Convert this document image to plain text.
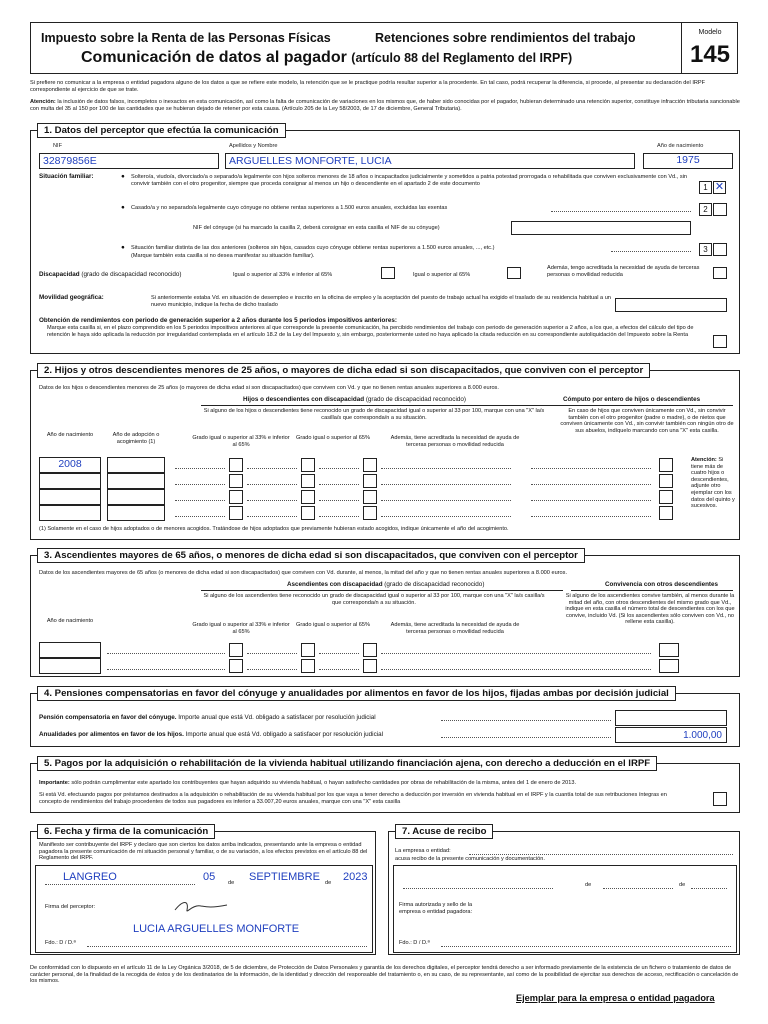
Impuesto sobre la Renta de las Personas Físicas	Retenciones sobre rendimientos del trabajo
Comunicación de datos al pagador (artículo 88 del Reglamento del IRPF)
Modelo
145
Si prefiere no comunicar a la empresa o entidad pagadora alguno de los datos a que se refiere este modelo, la retención que se le practique podría resultar superior a la procedente. En tal caso, podrá recuperar la diferencia, si procede, al presentar su declaración del IRPF correspondiente al ejercicio de que se trate.
Atención: la inclusión de datos falsos, incompletos o inexactos en esta comunicación, así como la falta de comunicación de variaciones en los mismos que, de haber sido conocidas por el pagador, hubieran determinado una retención superior, constituye infracción tributaria sancionable con multa del 35 al 150 por 100 de las cantidades que se hubieran dejado de retener por esta causa. (Artículo 205 de la Ley 58/2003, de 17 de diciembre, General Tributaria).
1. Datos del perceptor que efectúa la comunicación
NIF
32879856E
Apellidos y Nombre
ARGUELLES MONFORTE, LUCIA
Año de nacimiento
1975
Situación familiar:	● Soltero/a, viudo/a, divorciado/a o separado/a legalmente con hijos solteros menores de 18 años o incapacitados judicialmente y sometidos a patria potestad prorrogada o rehabilitada que conviven exclusivamente con Vd., sin convivir también con el otro progenitor, siempre que proceda consignar al menos un hijo o descendiente en el apartado 2 de este documento	1 ✕
● Casado/a y no separado/a legalmente cuyo cónyuge no obtiene rentas superiores a 1.500 euros anuales, excluidas las exentas	2
NIF del cónyuge (si ha marcado la casilla 2, deberá consignar en esta casilla el NIF de su cónyuge)
● Situación familiar distinta de las dos anteriores (solteros sin hijos, casados cuyo cónyuge obtiene rentas superiores a 1.500 euros anuales, ..., etc.)
(Marque también esta casilla si no desea manifestar su situación familiar).
3
Discapacidad (grado de discapacidad reconocido)	Igual o superior al 33% e inferior al 65%	Igual o superior al 65%
Además, tengo acreditada la necesidad de ayuda de terceras personas o movilidad reducida
Movilidad geográfica:	Si anteriormente estaba Vd. en situación de desempleo e inscrito en la oficina de empleo y la aceptación del puesto de trabajo actual ha exigido el traslado de su residencia habitual a un nuevo municipio, indique la fecha de dicho traslado
Obtención de rendimientos con periodo de generación superior a 2 años durante los 5 periodos impositivos anteriores:
Marque esta casilla si, en el plazo comprendido en los 5 periodos impositivos anteriores al que corresponde la presente comunicación, ha percibido rendimientos del trabajo con periodo de generación superior a 2 años, a los que, a efectos del cálculo del tipo de retención le haya sido aplicada la reducción por irregularidad contemplada en el artículo 18.2 de la Ley del Impuesto y, sin embargo, posteriormente usted no haya aplicado la citada reducción en su correspondiente autoliquidación del Impuesto sobre la Renta
2. Hijos y otros descendientes menores de 25 años, o mayores de dicha edad si son discapacitados, que conviven con el perceptor
Datos de los hijos o descendientes menores de 25 años (o mayores de dicha edad si son discapacitados) que conviven con Vd. y que no tienen rentas anuales superiores a 8.000 euros.
Hijos o descendientes con discapacidad (grado de discapacidad reconocido)	Cómputo por entero de hijos o descendientes
Si alguno de los hijos o descendientes tiene reconocido un grado de discapacidad igual o superior al 33 por 100, marque con una "X" la/s casilla/s que corresponda/n a su situación.
En caso de hijos que conviven únicamente con Vd., sin convivir también con el otro progenitor (padre o madre), o de nietos que conviven únicamente con Vd., sin convivir también con ningún otro de sus abuelos, indíquelo marcando con una "X" esta casilla.
Año de nacimiento	Año de adopción o acogimiento (1)
Grado igual o superior al 33% e inferior al 65%
Grado igual o superior al 65%	Además, tiene acreditada la necesidad de ayuda de terceras personas o movilidad reducida
2008	Atención: Si tiene más de cuatro hijos o descendientes, adjunte otro ejemplar con los datos del quinto y sucesivos.
(1) Solamente en el caso de hijos adoptados o de menores acogidos. Tratándose de hijos adoptados que previamente hubieran estado acogidos, indique únicamente el año del acogimiento.
3. Ascendientes mayores de 65 años, o menores de dicha edad si son discapacitados, que conviven con el perceptor
Datos de los ascendientes mayores de 65 años (o menores de dicha edad si son discapacitados) que conviven con Vd. durante, al menos, la mitad del año y que no tienen rentas anuales superiores a 8.000 euros.
Ascendientes con discapacidad (grado de discapacidad reconocido)	Convivencia con otros descendientes
Si alguno de los ascendientes tiene reconocido un grado de discapacidad igual o superior al 33 por 100, marque con una "X" la/s casilla/s que corresponda/n a su situación.
Si alguno de los ascendientes convive también, al menos durante la mitad del año, con otros descendientes del mismo grado que Vd., indique en esta casilla el número total de descendientes con los que convive, incluido Vd. (Si los ascendientes sólo conviven con Vd., no rellene esta casilla).
Año de nacimiento
Grado igual o superior al 33% e inferior al 65%
Grado igual o superior al 65%	Además, tiene acreditada la necesidad de ayuda de terceras personas o movilidad reducida
4. Pensiones compensatorias en favor del cónyuge y anualidades por alimentos en favor de los hijos, fijadas ambas por decisión judicial
Pensión compensatoria en favor del cónyuge. Importe anual que está Vd. obligado a satisfacer por resolución judicial
Anualidades por alimentos en favor de los hijos. Importe anual que está Vd. obligado a satisfacer por resolución judicial	1.000,00
5. Pagos por la adquisición o rehabilitación de la vivienda habitual utilizando financiación ajena, con derecho a deducción en el IRPF
Importante: sólo podrán cumplimentar este apartado los contribuyentes que hayan adquirido su vivienda habitual, o hayan satisfecho cantidades por obras de rehabilitación de la misma, antes del 1 de enero de 2013.
Si está Vd. efectuando pagos por préstamos destinados a la adquisición o rehabilitación de su vivienda habitual por los que vaya a tener derecho a deducción por inversión en vivienda habitual en el IRPF y la cuantía total de sus retribuciones íntegras en concepto de rendimientos del trabajo procedentes de todos sus pagadores es inferior a 33.007,20 euros anuales, marque con una "X" esta casilla
6. Fecha y firma de la comunicación
Manifiesto ser contribuyente del IRPF y declaro que son ciertos los datos arriba indicados, presentando ante la empresa o entidad pagadora la presente comunicación de mi situación personal y familiar, o de su variación, a los efectos previstos en el artículo 88 del Reglamento del IRPF.
LANGREO	05 de SEPTIEMBRE de 2023
Firma del perceptor:
LUCIA ARGUELLES MONFORTE
Fdo.: D / D.ª
7. Acuse de recibo
La empresa o entidad:
acusa recibo de la presente comunicación y documentación.
de	de
Firma autorizada y sello de la empresa o entidad pagadora:
Fdo.: D / D.ª
De conformidad con lo dispuesto en el artículo 11 de la Ley Orgánica 3/2018, de 5 de diciembre, de Protección de Datos Personales y garantía de los derechos digitales, el perceptor tendrá derecho a ser informado previamente de la existencia de un fichero o tratamiento de datos de carácter personal, de la finalidad de la recogida de éstos y de los destinatarios de la información, de la identidad y dirección del responsable del tratamiento o, en su caso, de su representante, así como de la posibilidad de ejercitar sus derechos de acceso, rectificación o cancelación de los mismos.
Ejemplar para la empresa o entidad pagadora
